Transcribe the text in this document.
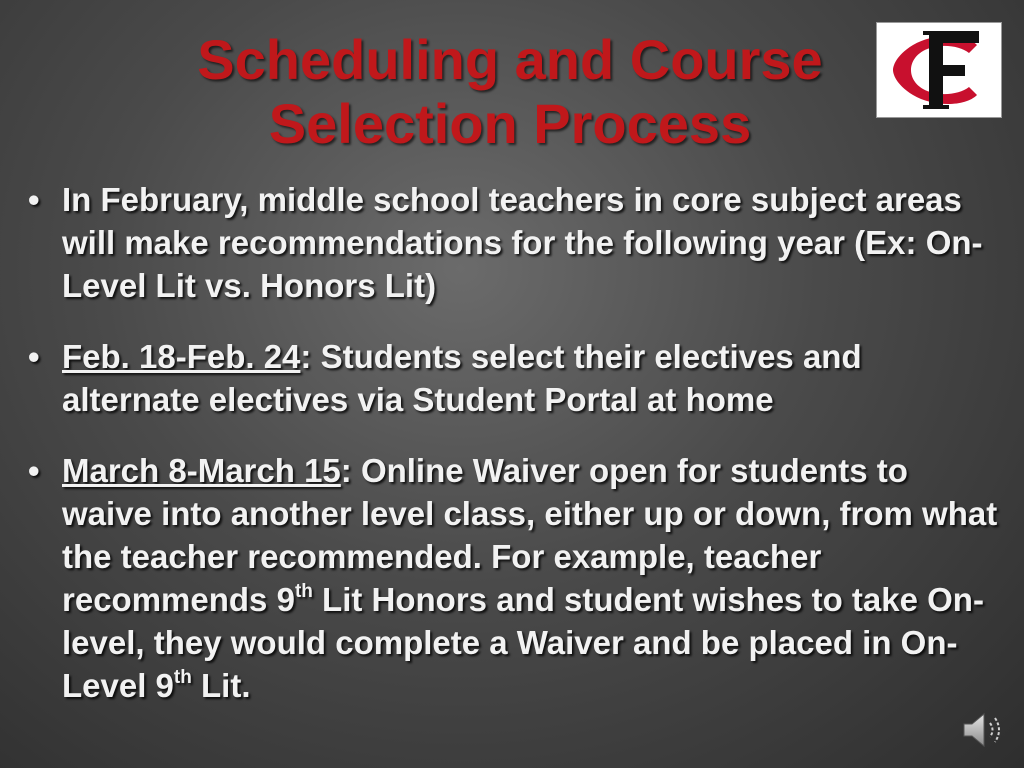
Scheduling and Course
Selection Process
• In February, middle school teachers in core subject areas will make recommendations for the following year (Ex: On-Level Lit vs. Honors Lit)
• Feb. 18-Feb. 24: Students select their electives and alternate electives via Student Portal at home
• March 8-March 15: Online Waiver open for students to waive into another level class, either up or down, from what the teacher recommended. For example, teacher recommends 9th Lit Honors and student wishes to take On-level, they would complete a Waiver and be placed in On-Level 9th Lit.
